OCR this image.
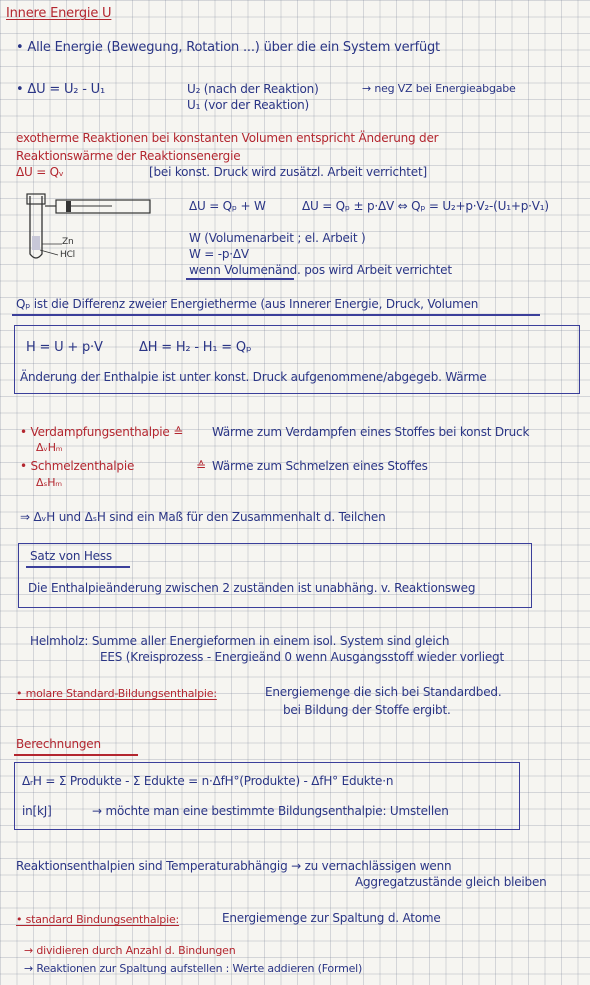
Innere Energie U
• Alle Energie (Bewegung, Rotation ...) über die ein System verfügt
• ΔU = U₂ - U₁	U₂ (nach der Reaktion)	→ neg VZ bei Energieabgabe
U₁ (vor der Reaktion)
exotherme Reaktionen bei konstanten Volumen entspricht Änderung der
Reaktionswärme der Reaktionsenergie
ΔU = Qᵥ	[bei konst. Druck wird zusätzl. Arbeit verrichtet]
Zn
HCl
ΔU = Qₚ + W	ΔU = Qₚ ± p·ΔV ⇔ Qₚ = U₂+p·V₂-(U₁+p·V₁)
W (Volumenarbeit ; el. Arbeit )
W = -p·ΔV
wenn Volumenänd. pos wird Arbeit verrichtet
Qₚ ist die Differenz zweier Energietherme (aus Innerer Energie, Druck, Volumen
H = U + p·V	ΔH = H₂ - H₁ = Qₚ
Änderung der Enthalpie ist unter konst. Druck aufgenommene/abgegeb. Wärme
• Verdampfungsenthalpie ≙ Wärme zum Verdampfen eines Stoffes bei konst Druck
ΔᵥHₘ
• Schmelzenthalpie	≙ Wärme zum Schmelzen eines Stoffes
ΔₛHₘ
⇒ ΔᵥH und ΔₛH sind ein Maß für den Zusammenhalt d. Teilchen
Satz von Hess
Die Enthalpieänderung zwischen 2 zuständen ist unabhäng. v. Reaktionsweg
Helmholz: Summe aller Energieformen in einem isol. System sind gleich
EES (Kreisprozess - Energieänd 0 wenn Ausgangsstoff wieder vorliegt
• molare Standard-Bildungsenthalpie:	Energiemenge die sich bei Standardbed.
bei Bildung der Stoffe ergibt.
Berechnungen
ΔᵣH = Σ Produkte - Σ Edukte = n·ΔfH°(Produkte) - ΔfH° Edukte·n
in[kJ]	→ möchte man eine bestimmte Bildungsenthalpie: Umstellen
Reaktionsenthalpien sind Temperaturabhängig → zu vernachlässigen wenn
Aggregatzustände gleich bleiben
• standard Bindungsenthalpie:	Energiemenge zur Spaltung d. Atome
→ dividieren durch Anzahl d. Bindungen
→ Reaktionen zur Spaltung aufstellen : Werte addieren (Formel)
